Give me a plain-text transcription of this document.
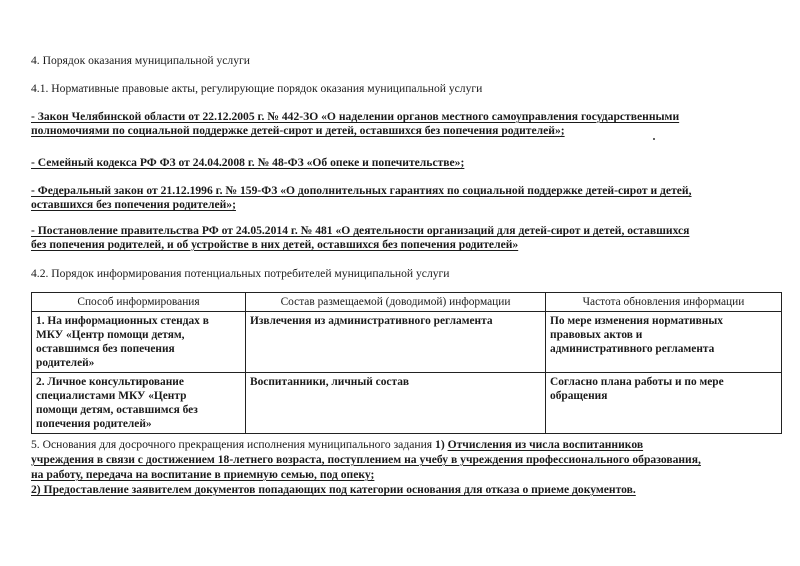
4. Порядок оказания муниципальной услуги
4.1. Нормативные правовые акты, регулирующие порядок оказания муниципальной услуги
- Закон Челябинской области от 22.12.2005 г. № 442-ЗО «О наделении органов местного самоуправления государственными
полномочиями по социальной поддержке детей-сирот и детей, оставшихся без попечения родителей»;
- Семейный кодекса РФ ФЗ от 24.04.2008 г. № 48-ФЗ «Об опеке и попечительстве»;
- Федеральный закон от 21.12.1996 г. № 159-ФЗ «О дополнительных гарантиях по социальной поддержке детей-сирот и детей,
оставшихся без попечения родителей»;
- Постановление правительства РФ от 24.05.2014 г. № 481 «О деятельности организаций для детей-сирот и детей, оставшихся
без попечения родителей, и об устройстве в них детей, оставшихся без попечения родителей»
4.2. Порядок информирования потенциальных потребителей муниципальной услуги
Способ информирования	Состав размещаемой (доводимой) информации	Частота обновления информации
1. На информационных стендах в
МКУ «Центр помощи детям,
оставшимся без попечения
родителей»	Извлечения из административного регламента	По мере изменения нормативных
правовых актов и
административного регламента
2. Личное консультирование
специалистами МКУ «Центр
помощи детям, оставшимся без
попечения родителей»	Воспитанники, личный состав	Согласно плана работы и по мере
обращения
5. Основания для досрочного прекращения исполнения муниципального задания 1) Отчисления из числа воспитанников
учреждения в связи с достижением 18-летнего возраста, поступлением на учебу в учреждения профессионального образования,
на работу, передача на воспитание в приемную семью, под опеку;
2) Предоставление заявителем документов попадающих под категории основания для отказа о приеме документов.
